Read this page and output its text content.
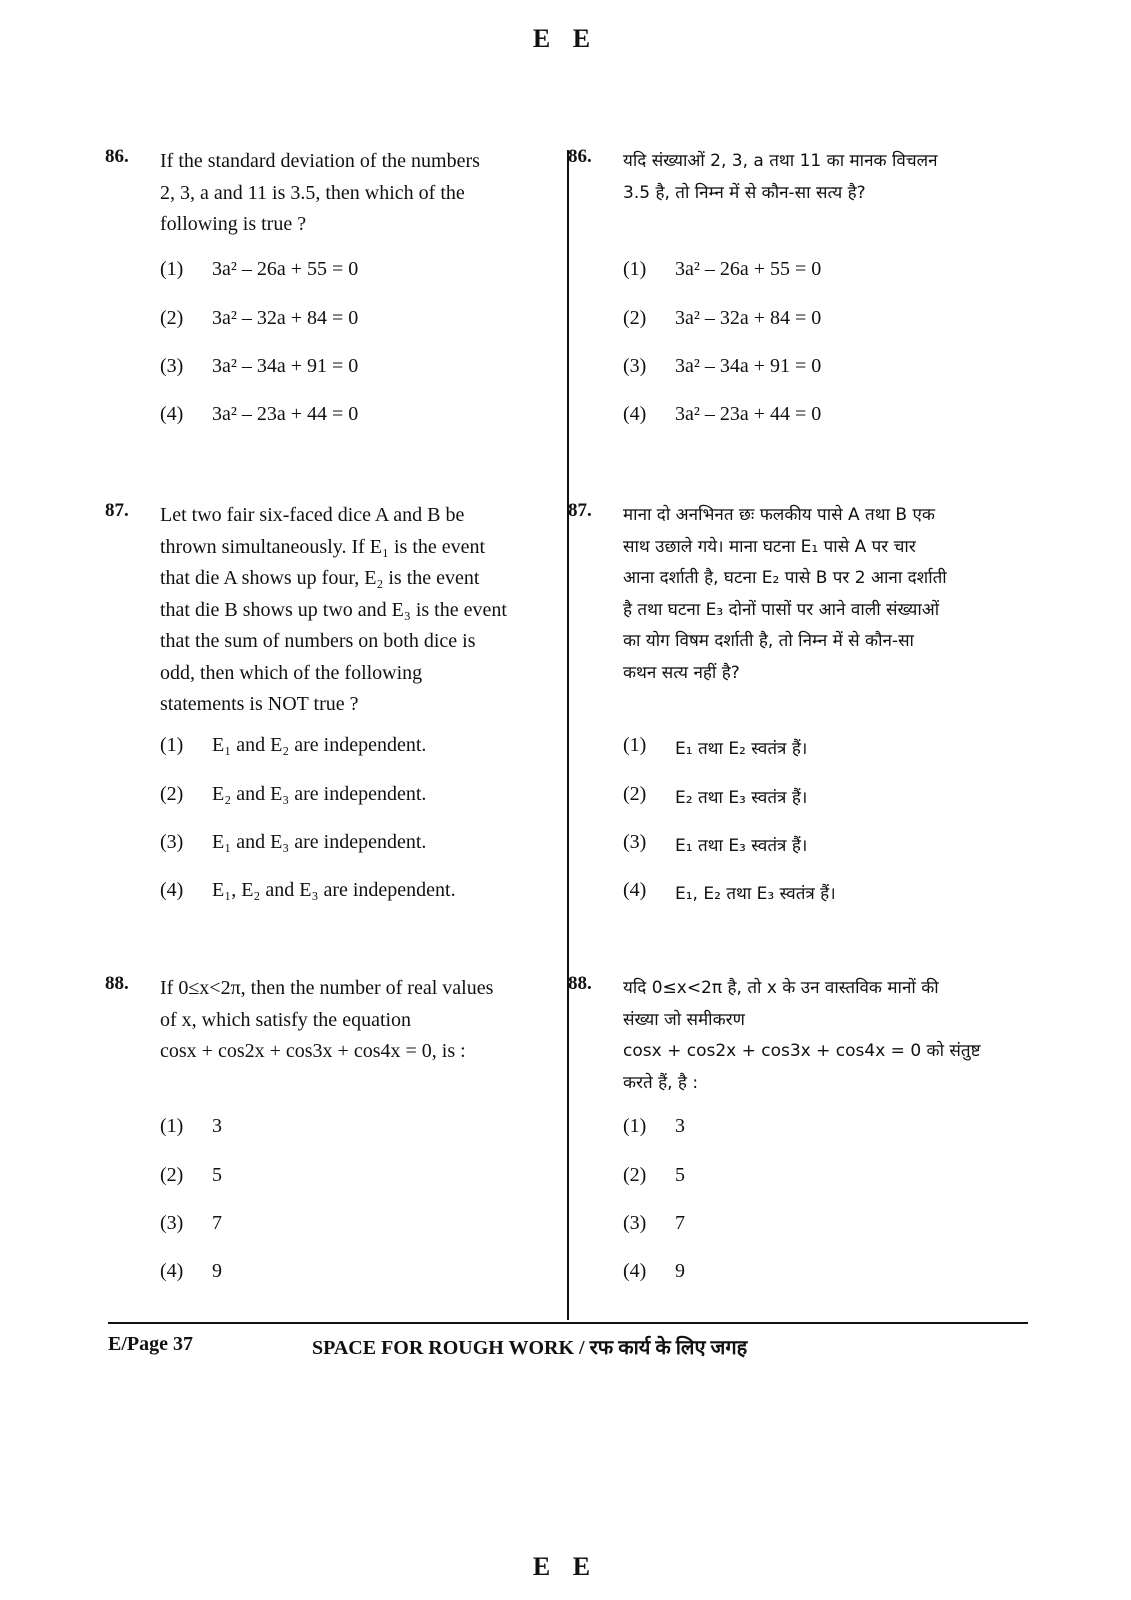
E E
86. If the standard deviation of the numbers
2, 3, a and 11 is 3.5, then which of the
following is true ?
(1) 3a² – 26a + 55 = 0
(2) 3a² – 32a + 84 = 0
(3) 3a² – 34a + 91 = 0
(4) 3a² – 23a + 44 = 0
86. यदि संख्याओं 2, 3, a तथा 11 का मानक विचलन
3.5 है, तो निम्न में से कौन-सा सत्य है?
(1) 3a² – 26a + 55 = 0
(2) 3a² – 32a + 84 = 0
(3) 3a² – 34a + 91 = 0
(4) 3a² – 23a + 44 = 0
87. Let two fair six-faced dice A and B be
thrown simultaneously. If E₁ is the event
that die A shows up four, E₂ is the event
that die B shows up two and E₃ is the event
that the sum of numbers on both dice is
odd, then which of the following
statements is NOT true ?
(1) E₁ and E₂ are independent.
(2) E₂ and E₃ are independent.
(3) E₁ and E₃ are independent.
(4) E₁, E₂ and E₃ are independent.
87. माना दो अनभिनत छः फलकीय पासे A तथा B एक
साथ उछाले गये। माना घटना E₁ पासे A पर चार
आना दर्शाती है, घटना E₂ पासे B पर 2 आना दर्शाती
है तथा घटना E₃ दोनों पासों पर आने वाली संख्याओं
का योग विषम दर्शाती है, तो निम्न में से कौन-सा
कथन सत्य नहीं है?
(1) E₁ तथा E₂ स्वतंत्र हैं।
(2) E₂ तथा E₃ स्वतंत्र हैं।
(3) E₁ तथा E₃ स्वतंत्र हैं।
(4) E₁, E₂ तथा E₃ स्वतंत्र हैं।
88. If 0≤x<2π, then the number of real values
of x, which satisfy the equation
cosx + cos2x + cos3x + cos4x = 0, is :
(1) 3
(2) 5
(3) 7
(4) 9
88. यदि 0≤x<2π है, तो x के उन वास्तविक मानों की
संख्या जो समीकरण
cosx + cos2x + cos3x + cos4x = 0 को संतुष्ट
करते हैं, है :
(1) 3
(2) 5
(3) 7
(4) 9
E/Page 37	SPACE FOR ROUGH WORK / रफ कार्य के लिए जगह
E E
